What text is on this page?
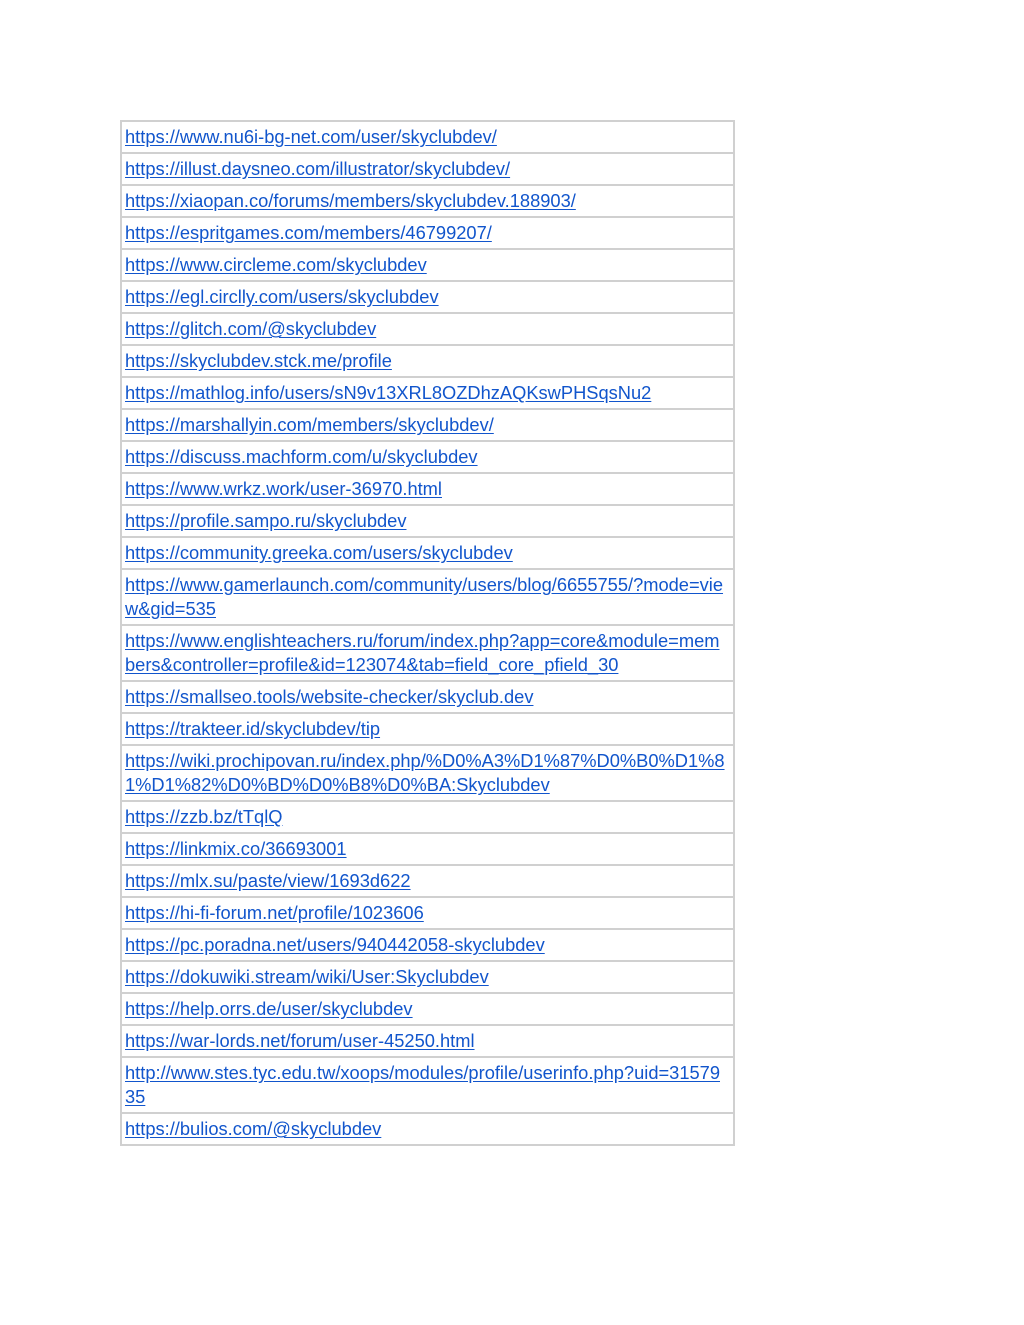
https://www.nu6i-bg-net.com/user/skyclubdev/
https://illust.daysneo.com/illustrator/skyclubdev/
https://xiaopan.co/forums/members/skyclubdev.188903/
https://espritgames.com/members/46799207/
https://www.circleme.com/skyclubdev
https://egl.circlly.com/users/skyclubdev
https://glitch.com/@skyclubdev
https://skyclubdev.stck.me/profile
https://mathlog.info/users/sN9v13XRL8OZDhzAQKswPHSqsNu2
https://marshallyin.com/members/skyclubdev/
https://discuss.machform.com/u/skyclubdev
https://www.wrkz.work/user-36970.html
https://profile.sampo.ru/skyclubdev
https://community.greeka.com/users/skyclubdev
https://www.gamerlaunch.com/community/users/blog/6655755/?mode=view&gid=535
https://www.englishteachers.ru/forum/index.php?app=core&module=members&controller=profile&id=123074&tab=field_core_pfield_30
https://smallseo.tools/website-checker/skyclub.dev
https://trakteer.id/skyclubdev/tip
https://wiki.prochipovan.ru/index.php/%D0%A3%D1%87%D0%B0%D1%81%D1%82%D0%BD%D0%B8%D0%BA:Skyclubdev
https://zzb.bz/tTqlQ
https://linkmix.co/36693001
https://mlx.su/paste/view/1693d622
https://hi-fi-forum.net/profile/1023606
https://pc.poradna.net/users/940442058-skyclubdev
https://dokuwiki.stream/wiki/User:Skyclubdev
https://help.orrs.de/user/skyclubdev
https://war-lords.net/forum/user-45250.html
http://www.stes.tyc.edu.tw/xoops/modules/profile/userinfo.php?uid=3157935
https://bulios.com/@skyclubdev
